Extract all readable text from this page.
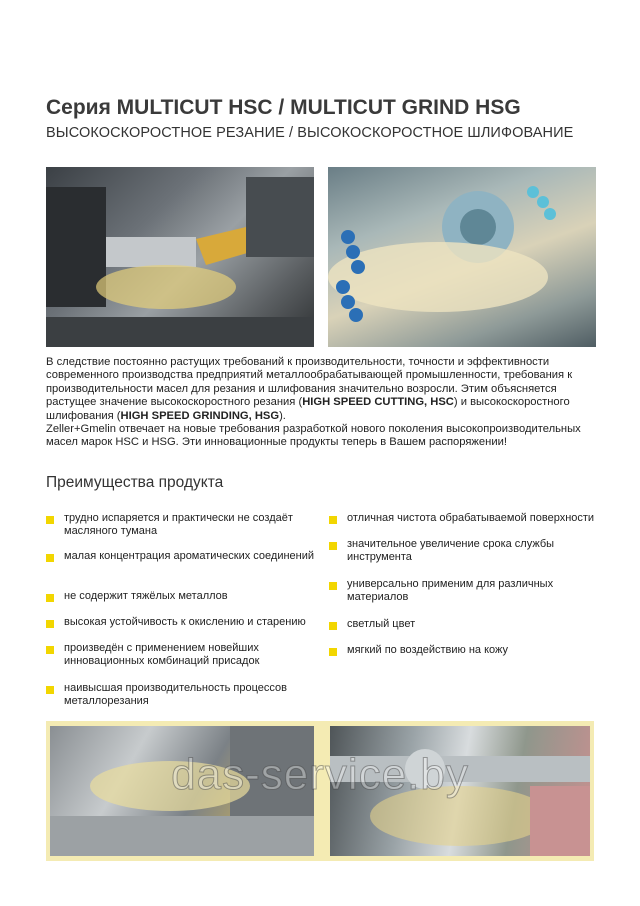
Серия MULTICUT HSC / MULTICUT GRIND HSG
ВЫСОКОСКОРОСТНОЕ РЕЗАНИЕ / ВЫСОКОСКОРОСТНОЕ ШЛИФОВАНИЕ

В следствие постоянно растущих требований к производительности, точности и эффективности современного производства предприятий металлообрабатывающей промышленности, требования к производительности масел для резания и шлифования значительно возросли. Этим объясняется растущее значение высокоскоростного резания (HIGH SPEED CUTTING, HSC) и высокоскоростного шлифования (HIGH SPEED GRINDING, HSG).

Zeller+Gmelin отвечает на новые требования разработкой нового поколения высокопроизводительных масел марок HSC и HSG. Эти инновационные продукты теперь в Вашем распоряжении!

Преимущества продукта
трудно испаряется и практически не создаёт масляного тумана
малая концентрация ароматических соединений
не содержит тяжёлых металлов
высокая устойчивость к окислению и старению
произведён с применением новейших инновационных комбинаций присадок
наивысшая производительность процессов металлорезания
отличная чистота обрабатываемой поверхности
значительное увеличение срока службы инструмента
универсально применим для различных материалов
светлый цвет
мягкий по воздействию на кожу
das-service.by
